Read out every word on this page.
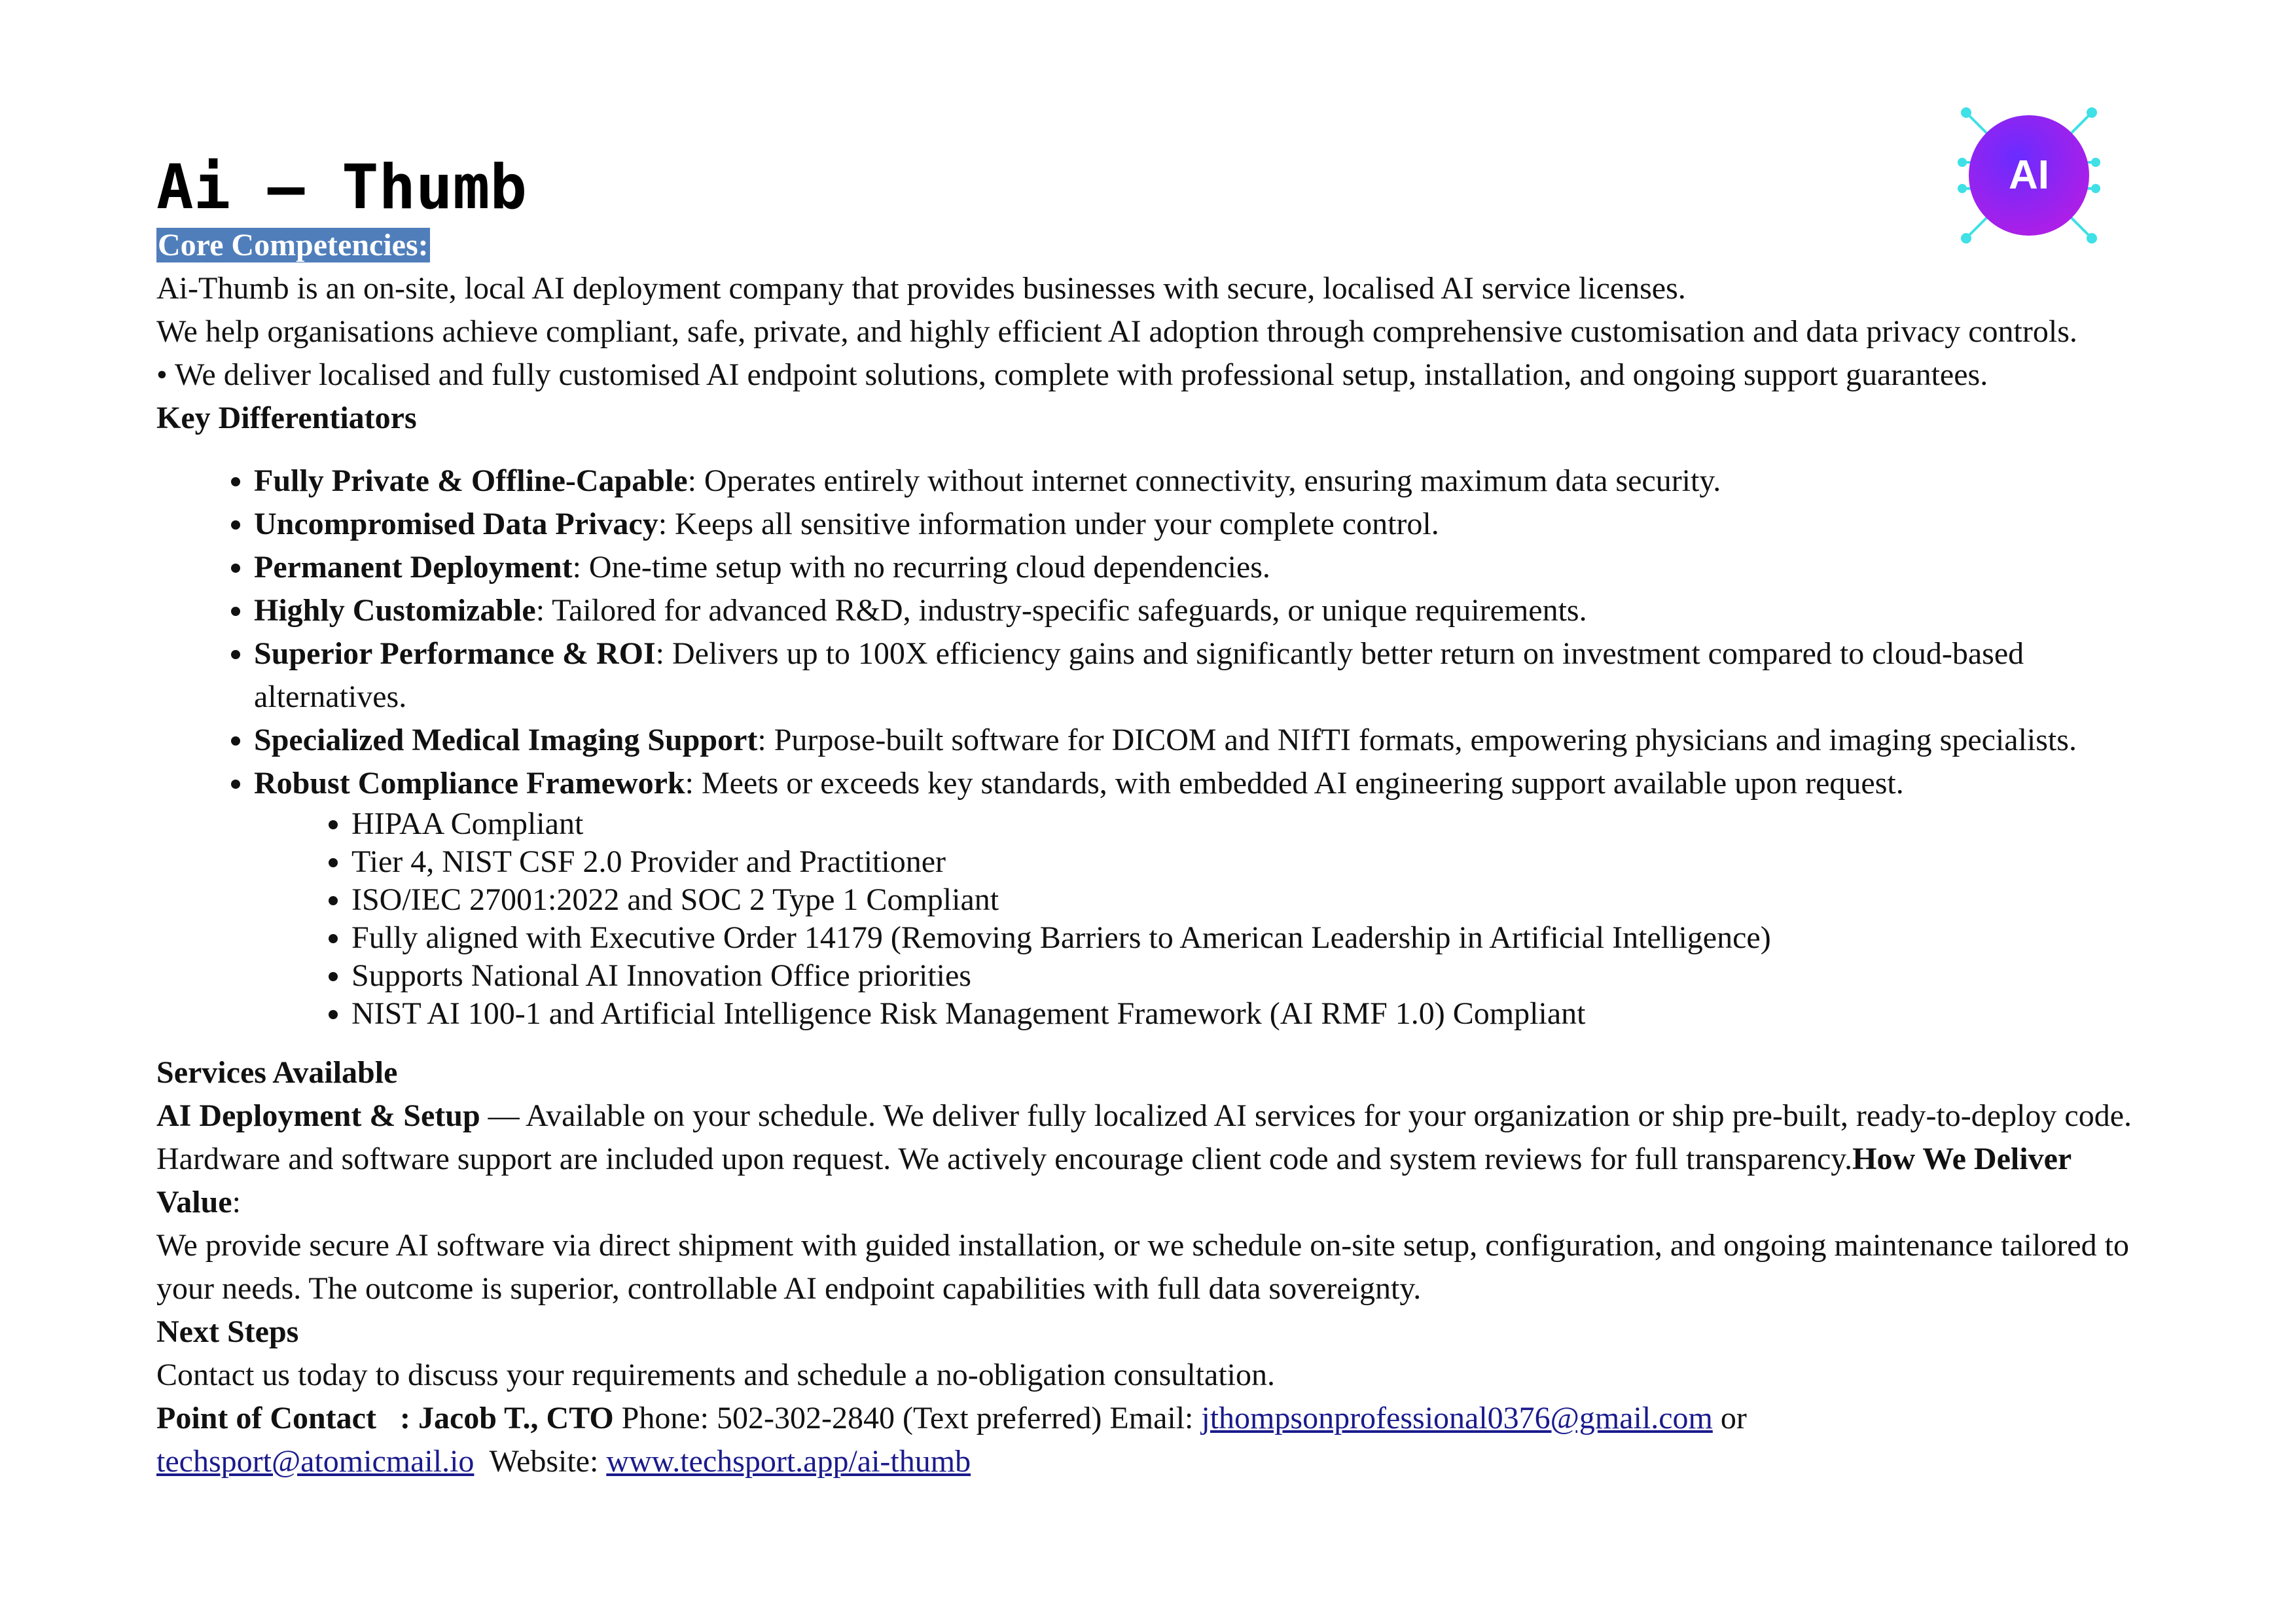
Ai – Thumb

Core Competencies:

Ai-Thumb is an on-site, local AI deployment company that provides businesses with secure, localised AI service licenses.

We help organisations achieve compliant, safe, private, and highly efficient AI adoption through comprehensive customisation and data privacy controls.

• We deliver localised and fully customised AI endpoint solutions, complete with professional setup, installation, and ongoing support guarantees.

Key Differentiators

• Fully Private & Offline-Capable: Operates entirely without internet connectivity, ensuring maximum data security.
• Uncompromised Data Privacy: Keeps all sensitive information under your complete control.
• Permanent Deployment: One-time setup with no recurring cloud dependencies.
• Highly Customizable: Tailored for advanced R&D, industry-specific safeguards, or unique requirements.
• Superior Performance & ROI: Delivers up to 100X efficiency gains and significantly better return on investment compared to cloud-based alternatives.
• Specialized Medical Imaging Support: Purpose-built software for DICOM and NIfTI formats, empowering physicians and imaging specialists.
• Robust Compliance Framework: Meets or exceeds key standards, with embedded AI engineering support available upon request.
• HIPAA Compliant
• Tier 4, NIST CSF 2.0 Provider and Practitioner
• ISO/IEC 27001:2022 and SOC 2 Type 1 Compliant
• Fully aligned with Executive Order 14179 (Removing Barriers to American Leadership in Artificial Intelligence)
• Supports National AI Innovation Office priorities
• NIST AI 100-1 and Artificial Intelligence Risk Management Framework (AI RMF 1.0) Compliant

Services Available

AI Deployment & Setup — Available on your schedule. We deliver fully localized AI services for your organization or ship pre-built, ready-to-deploy code. Hardware and software support are included upon request. We actively encourage client code and system reviews for full transparency.How We Deliver Value:

We provide secure AI software via direct shipment with guided installation, or we schedule on-site setup, configuration, and ongoing maintenance tailored to your needs. The outcome is superior, controllable AI endpoint capabilities with full data sovereignty.

Next Steps

Contact us today to discuss your requirements and schedule a no-obligation consultation.

Point of Contact   : Jacob T., CTO Phone: 502-302-2840 (Text preferred) Email: jthompsonprofessional0376@gmail.com or
techsport@atomicmail.io  Website: www.techsport.app/ai-thumb

AI
